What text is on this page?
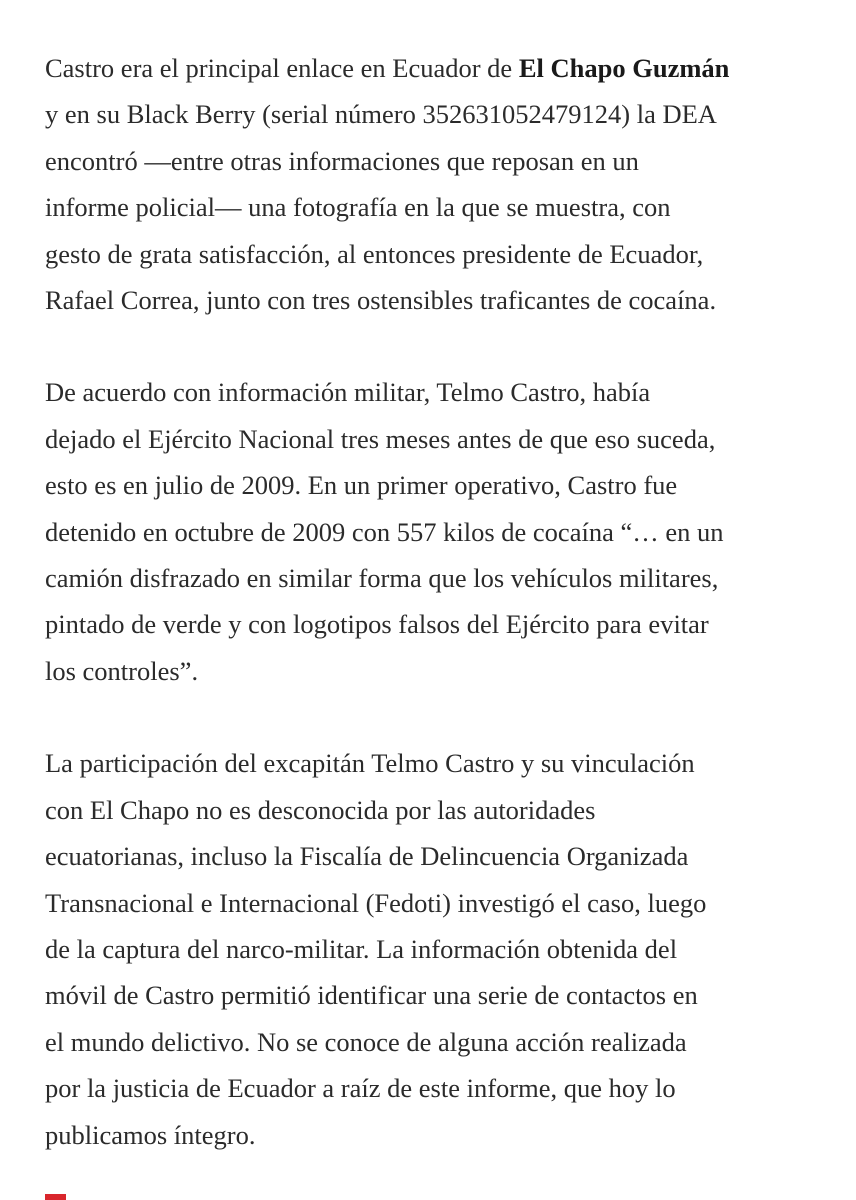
Castro era el principal enlace en Ecuador de El Chapo Guzmán
y en su Black Berry (serial número 352631052479124) la DEA
encontró —entre otras informaciones que reposan en un
informe policial— una fotografía en la que se muestra, con
gesto de grata satisfacción, al entonces presidente de Ecuador,
Rafael Correa, junto con tres ostensibles traficantes de cocaína.

De acuerdo con información militar, Telmo Castro, había
dejado el Ejército Nacional tres meses antes de que eso suceda,
esto es en julio de 2009. En un primer operativo, Castro fue
detenido en octubre de 2009 con 557 kilos de cocaína “… en un
camión disfrazado en similar forma que los vehículos militares,
pintado de verde y con logotipos falsos del Ejército para evitar
los controles”.

La participación del excapitán Telmo Castro y su vinculación
con El Chapo no es desconocida por las autoridades
ecuatorianas, incluso la Fiscalía de Delincuencia Organizada
Transnacional e Internacional (Fedoti) investigó el caso, luego
de la captura del narco-militar. La información obtenida del
móvil de Castro permitió identificar una serie de contactos en
el mundo delictivo. No se conoce de alguna acción realizada
por la justicia de Ecuador a raíz de este informe, que hoy lo
publicamos íntegro.
